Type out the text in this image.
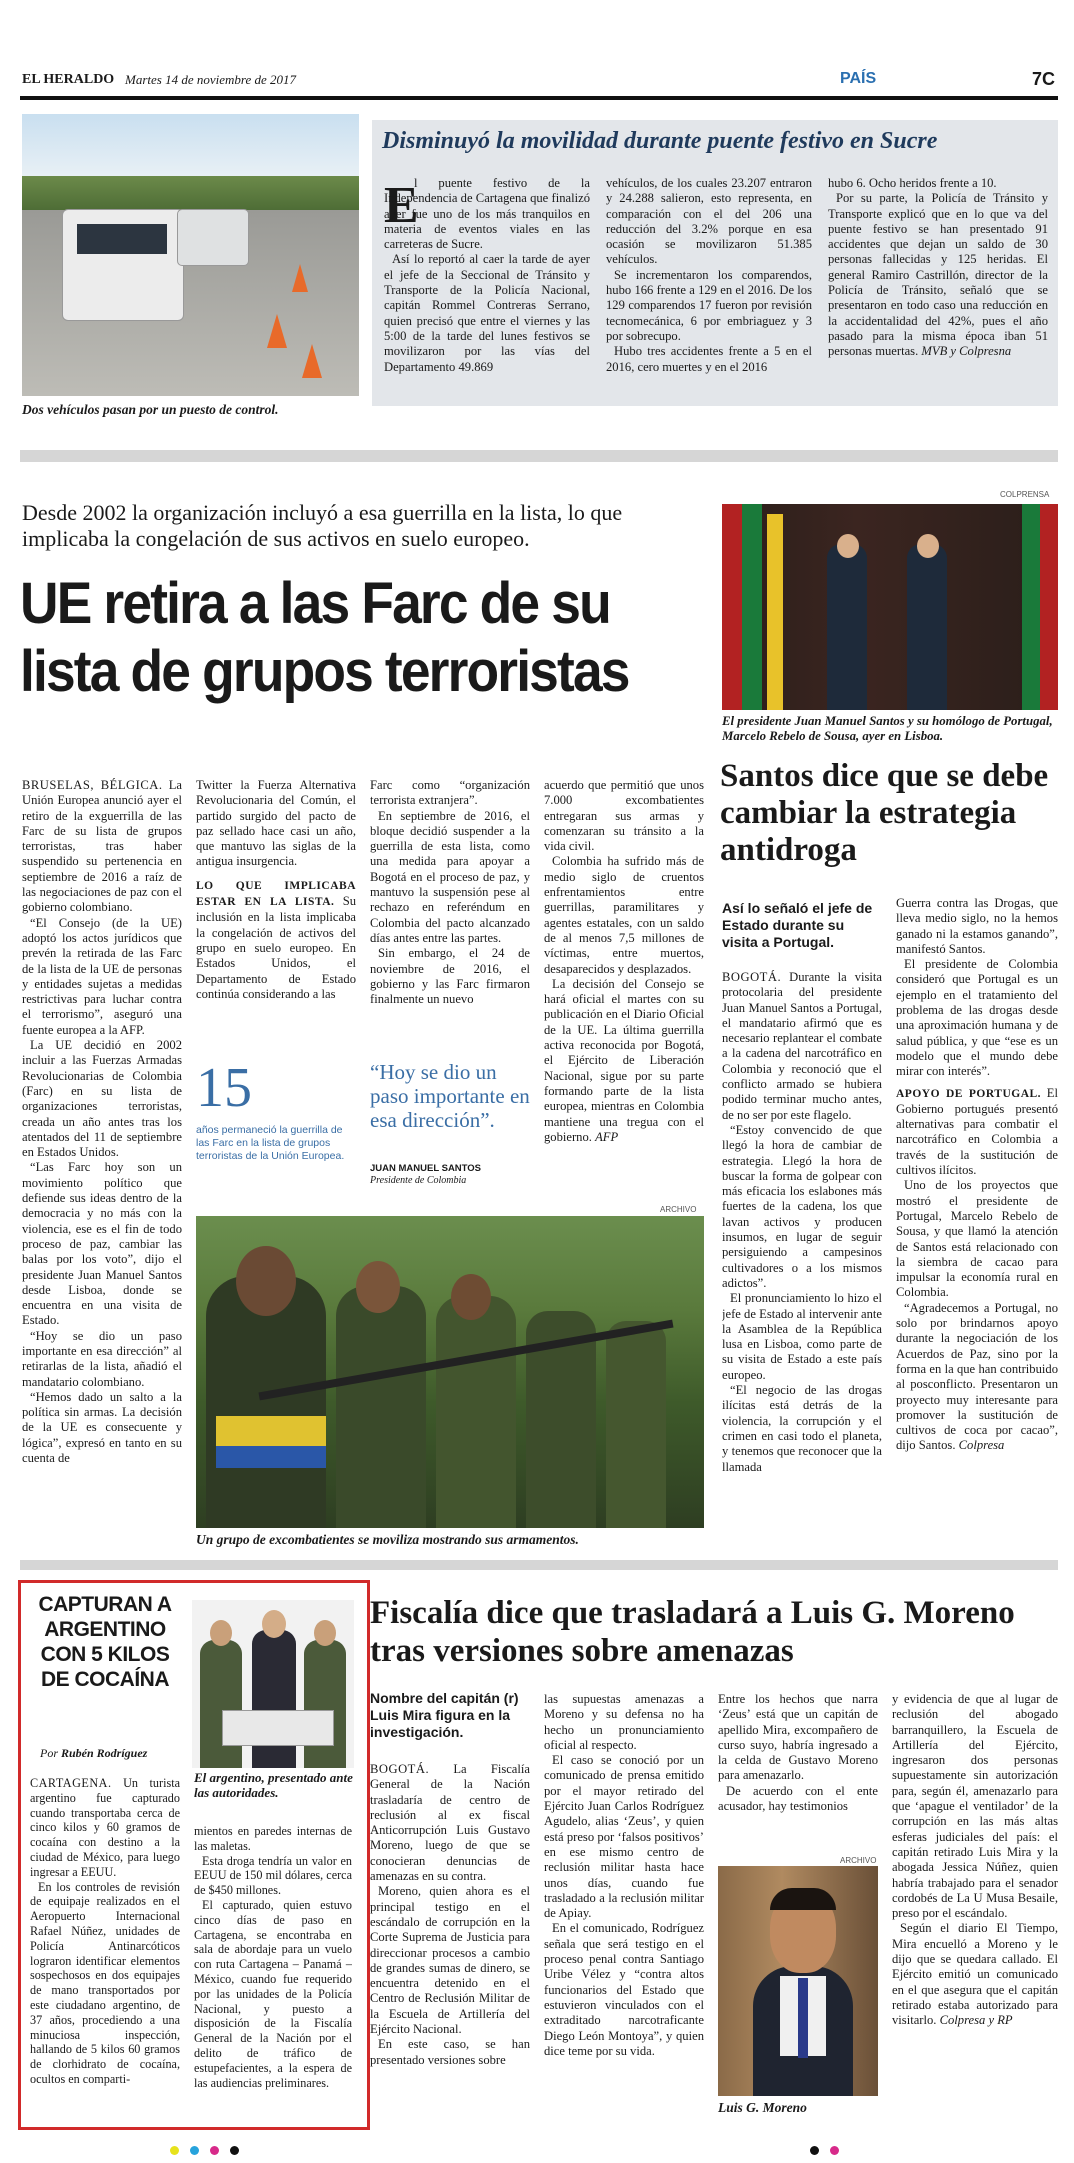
EL HERALDO Martes 14 de noviembre de 2017	PAÍS	7C
Dos vehículos pasan por un puesto de control.
Disminuyó la movilidad durante puente festivo en Sucre
E

l puente festivo de la Independencia de Cartagena que finalizó ayer fue uno de los más tranquilos en materia de eventos viales en las carreteras de Sucre.

Así lo reportó al caer la tarde de ayer el jefe de la Seccional de Tránsito y Transporte de la Policía Nacional, capitán Rommel Contreras Serrano, quien precisó que entre el viernes y las 5:00 de la tarde del lunes festivos se movilizaron por las vías del Departamento 49.869

vehículos, de los cuales 23.207 entraron y 24.288 salieron, esto representa, en comparación con el del 206 una reducción del 3.2% porque en esa ocasión se movilizaron 51.385 vehículos.

Se incrementaron los comparendos, hubo 166 frente a 129 en el 2016. De los 129 comparendos 17 fueron por revisión tecnomecánica, 6 por embriaguez y 3 por sobrecupo.

Hubo tres accidentes frente a 5 en el 2016, cero muertes y en el 2016

hubo 6. Ocho heridos frente a 10.

Por su parte, la Policía de Tránsito y Transporte explicó que en lo que va del puente festivo se han presentado 91 accidentes que dejan un saldo de 30 personas fallecidas y 125 heridas. El general Ramiro Castrillón, director de la Policía de Tránsito, señaló que se presentaron en todo caso una reducción en la accidentalidad del 42%, pues el año pasado para la misma época iban 51 personas muertas. MVB y Colpresna

Desde 2002 la organización incluyó a esa guerrilla en la lista, lo que implicaba la congelación de sus activos en suelo europeo.
UE retira a las Farc de su
lista de grupos terroristas
COLPRENSA
El presidente Juan Manuel Santos y su homólogo de Portugal, Marcelo Rebelo de Sousa, ayer en Lisboa.

BRUSELAS, BÉLGICA. La Unión Europea anunció ayer el retiro de la exguerrilla de las Farc de su lista de grupos terroristas, tras haber suspendido su pertenencia en septiembre de 2016 a raíz de las negociaciones de paz con el gobierno colombiano.

“El Consejo (de la UE) adoptó los actos jurídicos que prevén la retirada de las Farc de la lista de la UE de personas y entidades sujetas a medidas restrictivas para luchar contra el terrorismo”, aseguró una fuente europea a la AFP.

La UE decidió en 2002 incluir a las Fuerzas Armadas Revolucionarias de Colombia (Farc) en su lista de organizaciones terroristas, creada un año antes tras los atentados del 11 de septiembre en Estados Unidos.

“Las Farc hoy son un movimiento político que defiende sus ideas dentro de la democracia y no más con la violencia, ese es el fin de todo proceso de paz, cambiar las balas por los voto”, dijo el presidente Juan Manuel Santos desde Lisboa, donde se encuentra en una visita de Estado.

“Hoy se dio un paso importante en esa dirección” al retirarlas de la lista, añadió el mandatario colombiano.

“Hemos dado un salto a la política sin armas. La decisión de la UE es consecuente y lógica”, expresó en tanto en su cuenta de

Twitter la Fuerza Alternativa Revolucionaria del Común, el partido surgido del pacto de paz sellado hace casi un año, que mantuvo las siglas de la antigua insurgencia.

LO QUE IMPLICABA ESTAR EN LA LISTA. Su inclusión en la lista implicaba la congelación de activos del grupo en suelo europeo. En Estados Unidos, el Departamento de Estado continúa considerando a las

Farc como “organización terrorista extranjera”.

En septiembre de 2016, el bloque decidió suspender a la guerrilla de esta lista, como una medida para apoyar a Bogotá en el proceso de paz, y mantuvo la suspensión pese al rechazo en referéndum en Colombia del pacto alcanzado días antes entre las partes.

Sin embargo, el 24 de noviembre de 2016, el gobierno y las Farc firmaron finalmente un nuevo

acuerdo que permitió que unos 7.000 excombatientes entregaran sus armas y comenzaran su tránsito a la vida civil.

Colombia ha sufrido más de medio siglo de cruentos enfrentamientos entre guerrillas, paramilitares y agentes estatales, con un saldo de al menos 7,5 millones de víctimas, entre muertos, desaparecidos y desplazados.

La decisión del Consejo se hará oficial el martes con su publicación en el Diario Oficial de la UE. La última guerrilla activa reconocida por Bogotá, el Ejército de Liberación Nacional, sigue por su parte formando parte de la lista europea, mientras en Colombia mantiene una tregua con el gobierno. AFP

15
años permaneció la guerrilla de las Farc en la lista de grupos terroristas de la Unión Europea.
“Hoy se dio un paso importante en esa dirección”.
JUAN MANUEL SANTOS
Presidente de Colombia
ARCHIVO
Un grupo de excombatientes se moviliza mostrando sus armamentos.
Santos dice que se debe cambiar la estrategia antidroga
Así lo señaló el jefe de Estado durante su visita a Portugal.

BOGOTÁ. Durante la visita protocolaria del presidente Juan Manuel Santos a Portugal, el mandatario afirmó que es necesario replantear el combate a la cadena del narcotráfico en Colombia y reconoció que el conflicto armado se hubiera podido terminar mucho antes, de no ser por este flagelo.

“Estoy convencido de que llegó la hora de cambiar de estrategia. Llegó la hora de buscar la forma de golpear con más eficacia los eslabones más fuertes de la cadena, los que lavan activos y producen insumos, en lugar de seguir persiguiendo a campesinos cultivadores o a los mismos adictos”.

El pronunciamiento lo hizo el jefe de Estado al intervenir ante la Asamblea de la República lusa en Lisboa, como parte de su visita de Estado a este país europeo.

“El negocio de las drogas ilícitas está detrás de la violencia, la corrupción y el crimen en casi todo el planeta, y tenemos que reconocer que la llamada

Guerra contra las Drogas, que lleva medio siglo, no la hemos ganado ni la estamos ganando”, manifestó Santos.

El presidente de Colombia consideró que Portugal es un ejemplo en el tratamiento del problema de las drogas desde una aproximación humana y de salud pública, y que “ese es un modelo que el mundo debe mirar con interés”.

APOYO DE PORTUGAL. El Gobierno portugués presentó alternativas para combatir el narcotráfico en Colombia a través de la sustitución de cultivos ilícitos.

Uno de los proyectos que mostró el presidente de Portugal, Marcelo Rebelo de Sousa, y que llamó la atención de Santos está relacionado con la siembra de cacao para impulsar la economía rural en Colombia.

“Agradecemos a Portugal, no solo por brindarnos apoyo durante la negociación de los Acuerdos de Paz, sino por la forma en la que han contribuido al posconflicto. Presentaron un proyecto muy interesante para promover la sustitución de cultivos de coca por cacao”, dijo Santos. Colpresa

CAPTURAN A ARGENTINO CON 5 KILOS DE COCAÍNA
Por Rubén Rodríguez
El argentino, presentado ante las autoridades.

CARTAGENA. Un turista argentino fue capturado cuando transportaba cerca de cinco kilos y 60 gramos de cocaína con destino a la ciudad de México, para luego ingresar a EEUU.

En los controles de revisión de equipaje realizados en el Aeropuerto Internacional Rafael Núñez, unidades de Policía Antinarcóticos lograron identificar elementos sospechosos en dos equipajes de mano transportados por este ciudadano argentino, de 37 años, procediendo a una minuciosa inspección, hallando de 5 kilos 60 gramos de clorhidrato de cocaína, ocultos en comparti-

mientos en paredes internas de las maletas.

Esta droga tendría un valor en EEUU de 150 mil dólares, cerca de $450 millones.

El capturado, quien estuvo cinco días de paso en Cartagena, se encontraba en sala de abordaje para un vuelo con ruta Cartagena – Panamá – México, cuando fue requerido por las unidades de la Policía Nacional, y puesto a disposición de la Fiscalía General de la Nación por el delito de tráfico de estupefacientes, a la espera de las audiencias preliminares.

Fiscalía dice que trasladará a Luis G. Moreno tras versiones sobre amenazas
Nombre del capitán (r) Luis Mira figura en la investigación.

BOGOTÁ. La Fiscalía General de la Nación trasladaría de centro de reclusión al ex fiscal Anticorrupción Luis Gustavo Moreno, luego de que se conocieran denuncias de amenazas en su contra.

Moreno, quien ahora es el principal testigo en el escándalo de corrupción en la Corte Suprema de Justicia para direccionar procesos a cambio de grandes sumas de dinero, se encuentra detenido en el Centro de Reclusión Militar de la Escuela de Artillería del Ejército Nacional.

En este caso, se han presentado versiones sobre

las supuestas amenazas a Moreno y su defensa no ha hecho un pronunciamiento oficial al respecto.

El caso se conoció por un comunicado de prensa emitido por el mayor retirado del Ejército Juan Carlos Rodríguez Agudelo, alias ‘Zeus’, y quien está preso por ‘falsos positivos’ en ese mismo centro de reclusión militar hasta hace unos días, cuando fue trasladado a la reclusión militar de Apiay.

En el comunicado, Rodríguez señala que será testigo en el proceso penal contra Santiago Uribe Vélez y “contra altos funcionarios del Estado que estuvieron vinculados con el extraditado narcotraficante Diego León Montoya”, y quien dice teme por su vida.

Entre los hechos que narra ‘Zeus’ está que un capitán de apellido Mira, excompañero de curso suyo, habría ingresado a la celda de Gustavo Moreno para amenazarlo.

De acuerdo con el ente acusador, hay testimonios

ARCHIVO
Luis G. Moreno

y evidencia de que al lugar de reclusión del abogado barranquillero, la Escuela de Artillería del Ejército, ingresaron dos personas supuestamente sin autorización para, según él, amenazarlo para que ‘apague el ventilador’ de la corrupción en las más altas esferas judiciales del país: el capitán retirado Luis Mira y la abogada Jessica Núñez, quien habría trabajado para el senador cordobés de La U Musa Besaile, preso por el escándalo.

Según el diario El Tiempo, Mira encuelló a Moreno y le dijo que se quedara callado. El Ejército emitió un comunicado en el que asegura que el capitán retirado estaba autorizado para visitarlo. Colpresa y RP
